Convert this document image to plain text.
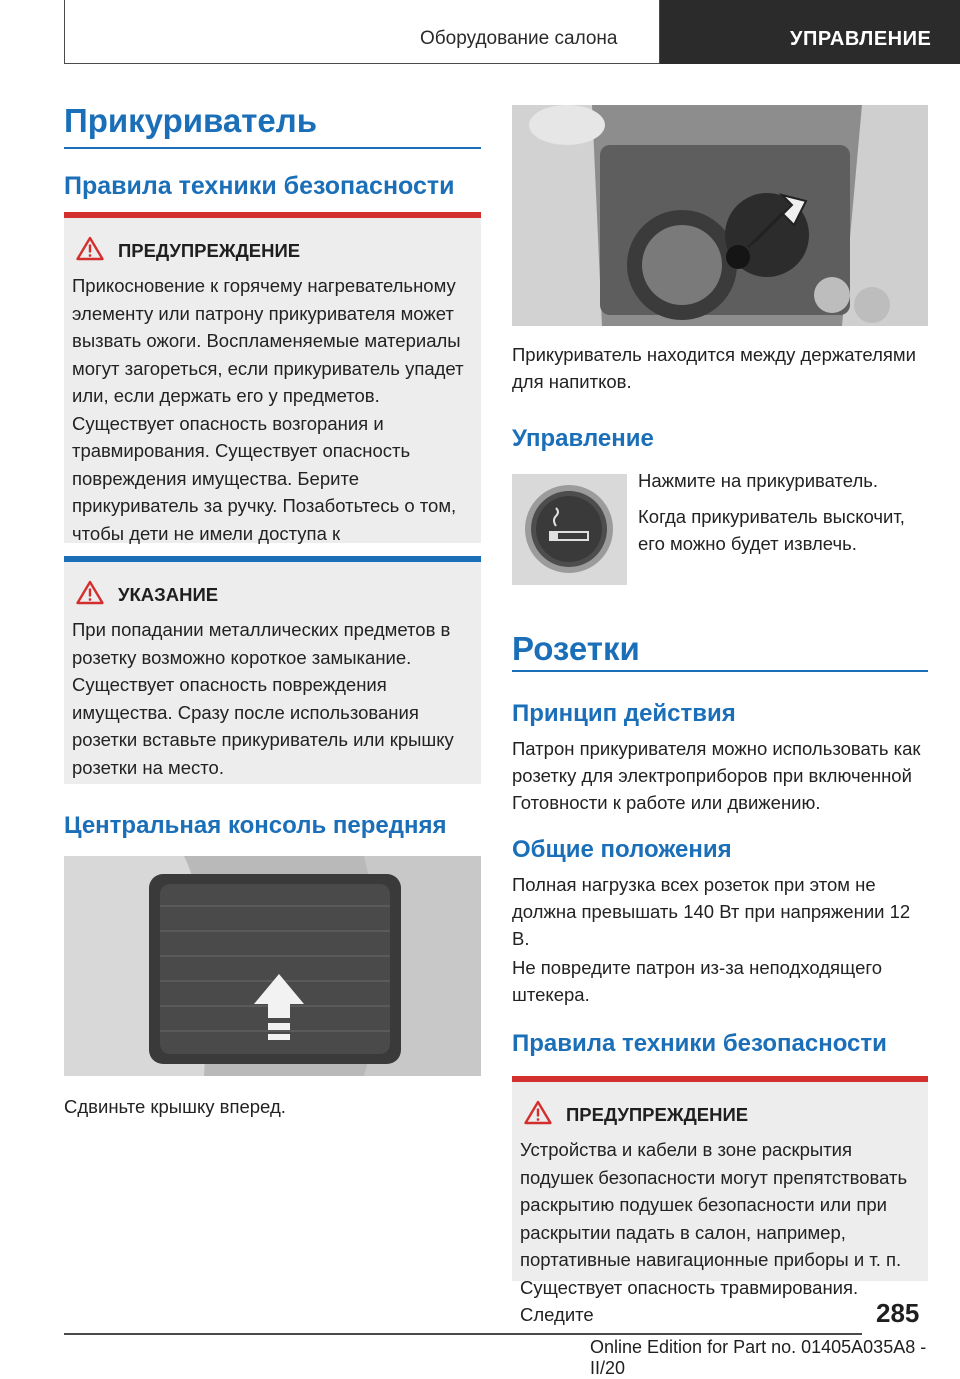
Оборудование салона	УПРАВЛЕНИЕ
Прикуриватель
Правила техники безопасности
ПРЕДУПРЕЖДЕНИЕ
Прикосновение к горячему нагревательному элементу или патрону прикуривателя может вызвать ожоги. Воспламеняемые материалы могут загореться, если прикуриватель упадет или, если держать его у предметов. Существует опасность возгорания и травмирования. Существует опасность повреждения имущества. Берите прикуриватель за ручку. Позаботьтесь о том, чтобы дети не имели доступа к
УКАЗАНИЕ
При попадании металлических предметов в розетку возможно короткое замыкание. Существует опасность повреждения имущества. Сразу после использования розетки вставьте прикуриватель или крышку розетки на место.
Центральная консоль передняя
Сдвиньте крышку вперед.
Прикуриватель находится между держателями для напитков.
Управление
Нажмите на прикуриватель.
Когда прикуриватель выскочит, его можно будет извлечь.
Розетки
Принцип действия
Патрон прикуривателя можно использовать как розетку для электроприборов при включенной Готовности к работе или движению.
Общие положения
Полная нагрузка всех розеток при этом не должна превышать 140 Вт при напряжении 12 В.
Не повредите патрон из-за неподходящего штекера.
Правила техники безопасности
ПРЕДУПРЕЖДЕНИЕ
Устройства и кабели в зоне раскрытия подушек безопасности могут препятствовать раскрытию подушек безопасности или при раскрытии падать в салон, например, портативные навигационные приборы и т. п. Существует опасность травмирования. Следите	285
Online Edition for Part no. 01405A035A8 - II/20
